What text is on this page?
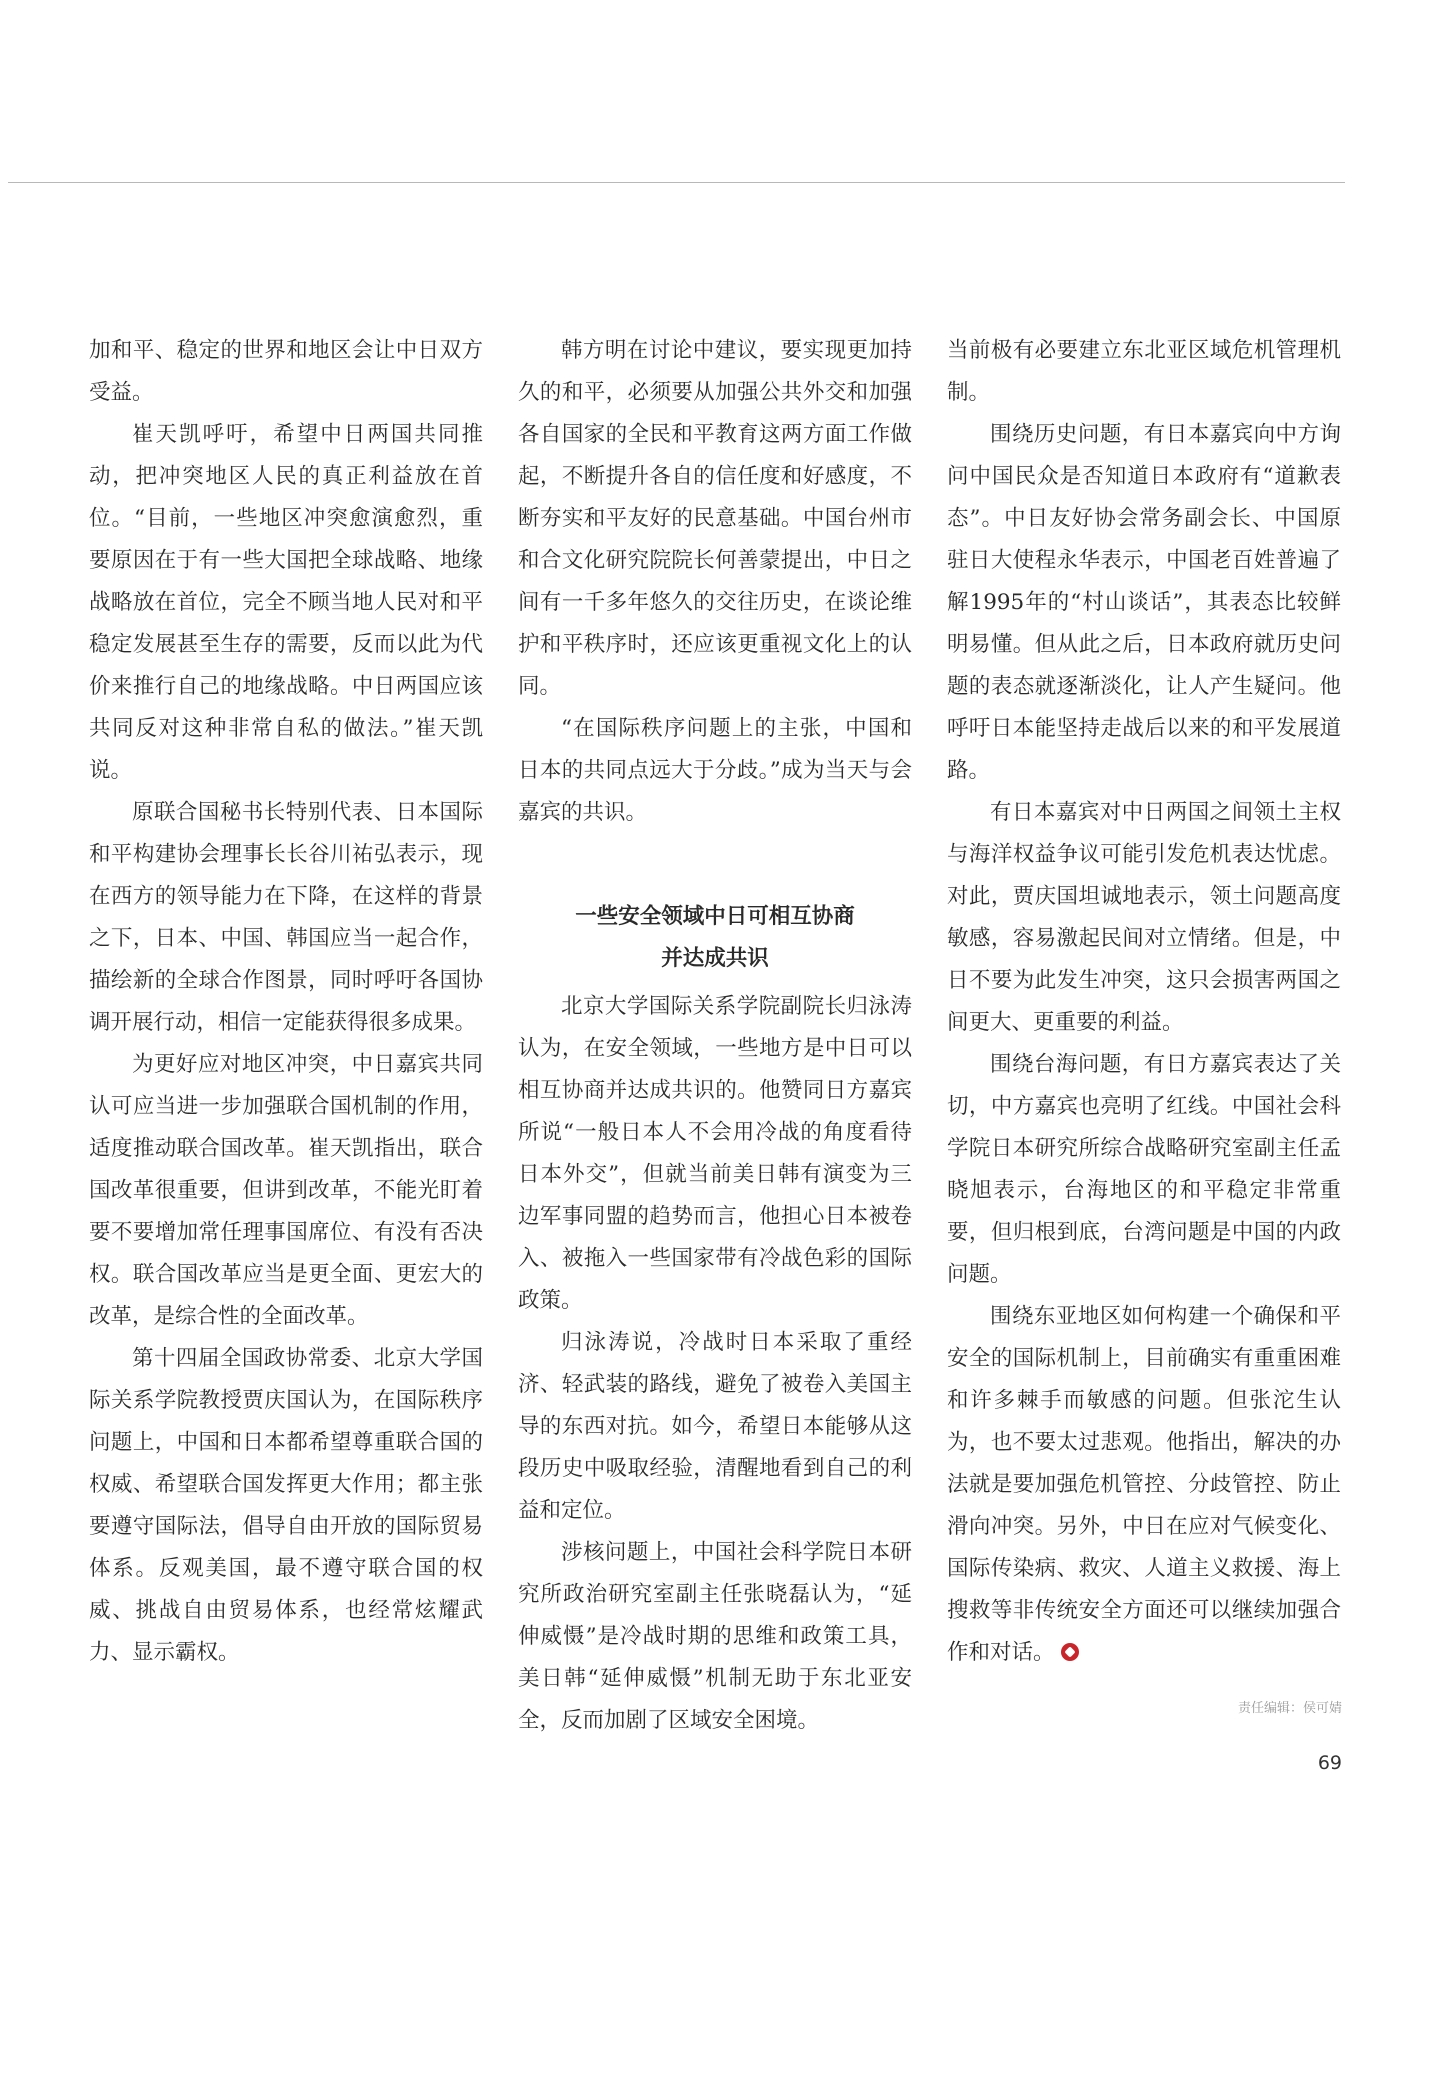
加和平、稳定的世界和地区会让中日双方受益。

崔天凯呼吁，希望中日两国共同推动，把冲突地区人民的真正利益放在首位。“目前，一些地区冲突愈演愈烈，重要原因在于有一些大国把全球战略、地缘战略放在首位，完全不顾当地人民对和平稳定发展甚至生存的需要，反而以此为代价来推行自己的地缘战略。中日两国应该共同反对这种非常自私的做法。”崔天凯说。

原联合国秘书长特别代表、日本国际和平构建协会理事长长谷川祐弘表示，现在西方的领导能力在下降，在这样的背景之下，日本、中国、韩国应当一起合作，描绘新的全球合作图景，同时呼吁各国协调开展行动，相信一定能获得很多成果。

为更好应对地区冲突，中日嘉宾共同认可应当进一步加强联合国机制的作用，适度推动联合国改革。崔天凯指出，联合国改革很重要，但讲到改革，不能光盯着要不要增加常任理事国席位、有没有否决权。联合国改革应当是更全面、更宏大的改革，是综合性的全面改革。

第十四届全国政协常委、北京大学国际关系学院教授贾庆国认为，在国际秩序问题上，中国和日本都希望尊重联合国的权威、希望联合国发挥更大作用；都主张要遵守国际法，倡导自由开放的国际贸易体系。反观美国，最不遵守联合国的权威、挑战自由贸易体系，也经常炫耀武力、显示霸权。

韩方明在讨论中建议，要实现更加持久的和平，必须要从加强公共外交和加强各自国家的全民和平教育这两方面工作做起，不断提升各自的信任度和好感度，不断夯实和平友好的民意基础。中国台州市和合文化研究院院长何善蒙提出，中日之间有一千多年悠久的交往历史，在谈论维护和平秩序时，还应该更重视文化上的认同。

“在国际秩序问题上的主张，中国和日本的共同点远大于分歧。”成为当天与会嘉宾的共识。

一些安全领域中日可相互协商
并达成共识

北京大学国际关系学院副院长归泳涛认为，在安全领域，一些地方是中日可以相互协商并达成共识的。他赞同日方嘉宾所说“一般日本人不会用冷战的角度看待日本外交”，但就当前美日韩有演变为三边军事同盟的趋势而言，他担心日本被卷入、被拖入一些国家带有冷战色彩的国际政策。

归泳涛说，冷战时日本采取了重经济、轻武装的路线，避免了被卷入美国主导的东西对抗。如今，希望日本能够从这段历史中吸取经验，清醒地看到自己的利益和定位。

涉核问题上，中国社会科学院日本研究所政治研究室副主任张晓磊认为，“延伸威慑”是冷战时期的思维和政策工具，美日韩“延伸威慑”机制无助于东北亚安全，反而加剧了区域安全困境。

当前极有必要建立东北亚区域危机管理机制。

围绕历史问题，有日本嘉宾向中方询问中国民众是否知道日本政府有“道歉表态”。中日友好协会常务副会长、中国原驻日大使程永华表示，中国老百姓普遍了解1995年的“村山谈话”，其表态比较鲜明易懂。但从此之后，日本政府就历史问题的表态就逐渐淡化，让人产生疑问。他呼吁日本能坚持走战后以来的和平发展道路。

有日本嘉宾对中日两国之间领土主权与海洋权益争议可能引发危机表达忧虑。对此，贾庆国坦诚地表示，领土问题高度敏感，容易激起民间对立情绪。但是，中日不要为此发生冲突，这只会损害两国之间更大、更重要的利益。

围绕台海问题，有日方嘉宾表达了关切，中方嘉宾也亮明了红线。中国社会科学院日本研究所综合战略研究室副主任孟晓旭表示，台海地区的和平稳定非常重要，但归根到底，台湾问题是中国的内政问题。

围绕东亚地区如何构建一个确保和平安全的国际机制上，目前确实有重重困难和许多棘手而敏感的问题。但张沱生认为，也不要太过悲观。他指出，解决的办法就是要加强危机管控、分歧管控、防止滑向冲突。另外，中日在应对气候变化、国际传染病、救灾、人道主义救援、海上搜救等非传统安全方面还可以继续加强合作和对话。

责任编辑：侯可婧
69
